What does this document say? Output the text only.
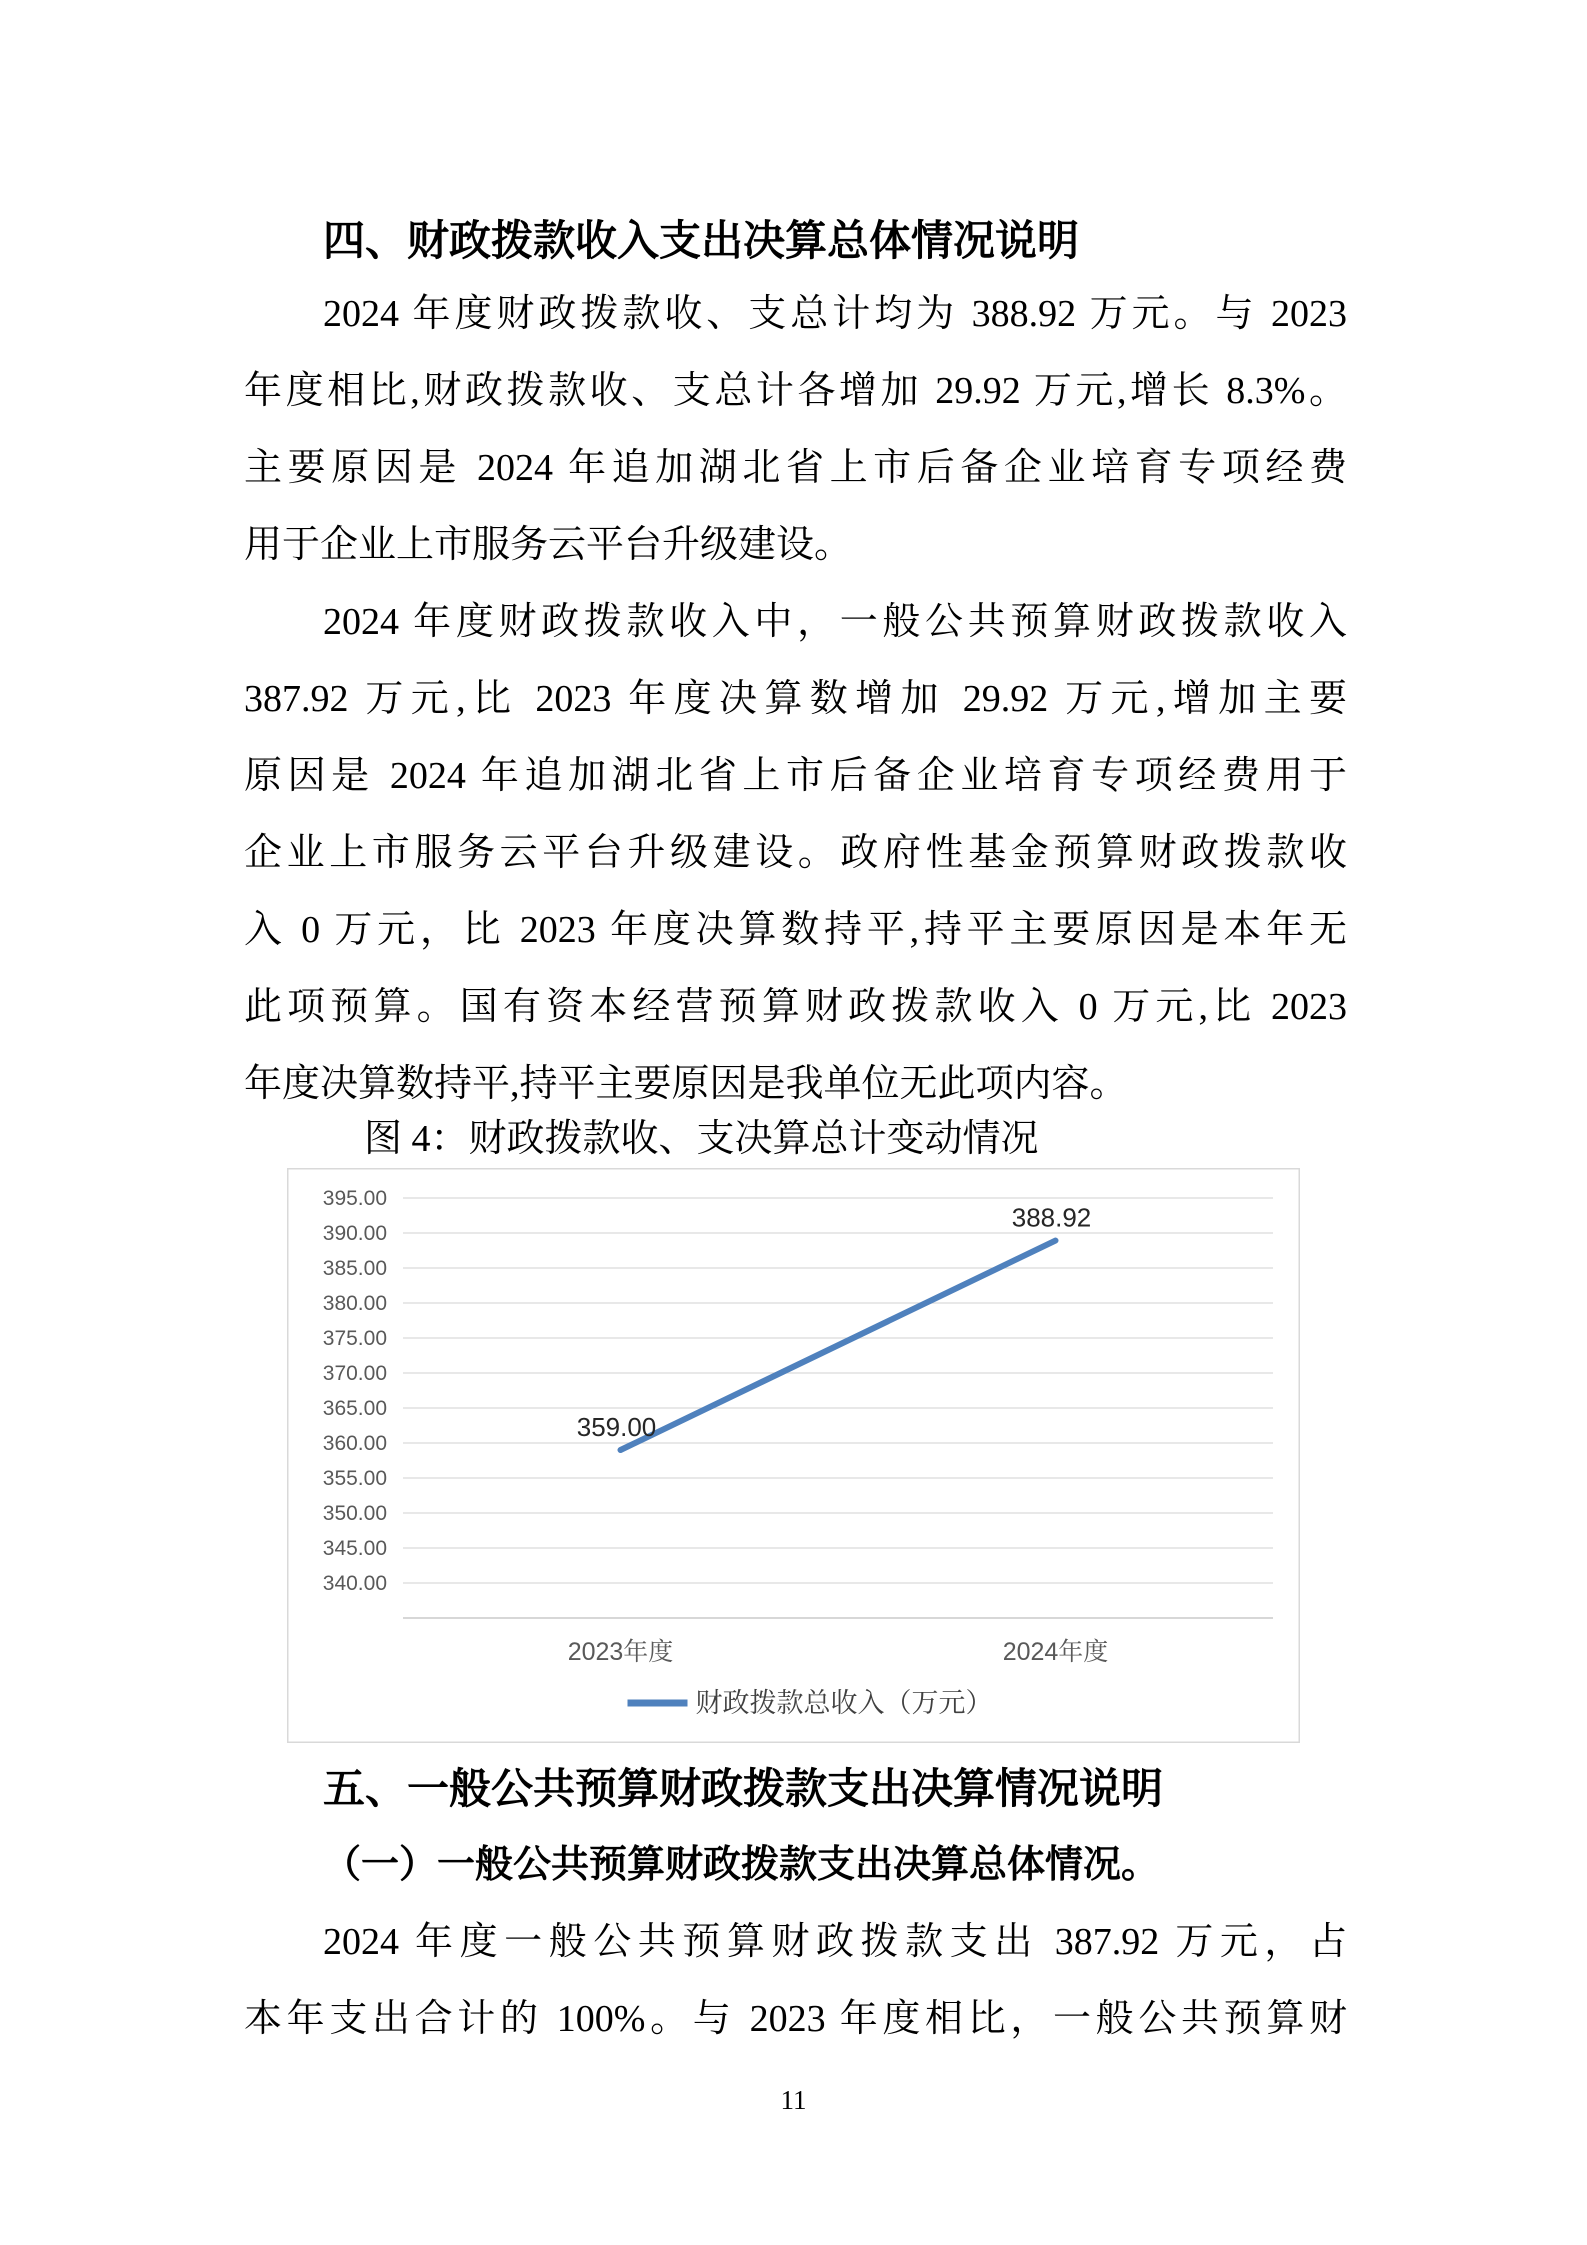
四、财政拨款收入支出决算总体情况说明
2024 年度财政拨款收、支总计均为 388.92 万元。与 2023
年度相比,财政拨款收、支总计各增加 29.92 万元,增长 8.3%。
主要原因是 2024 年追加湖北省上市后备企业培育专项经费
用于企业上市服务云平台升级建设。
2024 年度财政拨款收入中，一般公共预算财政拨款收入
387.92 万元,比 2023 年度决算数增加 29.92 万元,增加主要
原因是 2024 年追加湖北省上市后备企业培育专项经费用于
企业上市服务云平台升级建设。政府性基金预算财政拨款收
入 0 万元，比 2023 年度决算数持平,持平主要原因是本年无
此项预算。国有资本经营预算财政拨款收入 0 万元,比 2023
年度决算数持平,持平主要原因是我单位无此项内容。
图 4：财政拨款收、支决算总计变动情况
395.00
390.00
385.00
380.00
375.00
370.00
365.00
360.00
355.00
350.00
345.00
340.00
2023年度	2024年度
359.00
388.92
财政拨款总收入（万元）
五、一般公共预算财政拨款支出决算情况说明
（一）一般公共预算财政拨款支出决算总体情况。
2024 年度一般公共预算财政拨款支出 387.92 万元，占
本年支出合计的 100%。与 2023 年度相比，一般公共预算财
11
